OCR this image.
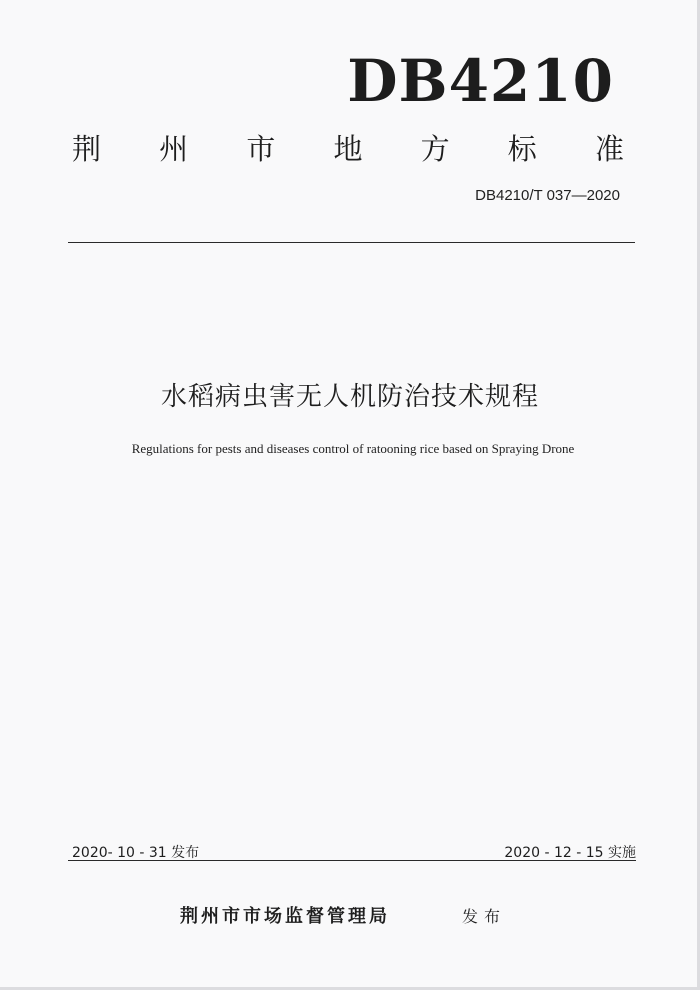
DB4210
荆 州 市 地 方 标 准
DB4210/T 037—2020
水稻病虫害无人机防治技术规程
Regulations for pests and diseases control of ratooning rice based on Spraying Drone
2020- 10 - 31 发布	2020 - 12 - 15 实施
荆州市市场监督管理局	发布
